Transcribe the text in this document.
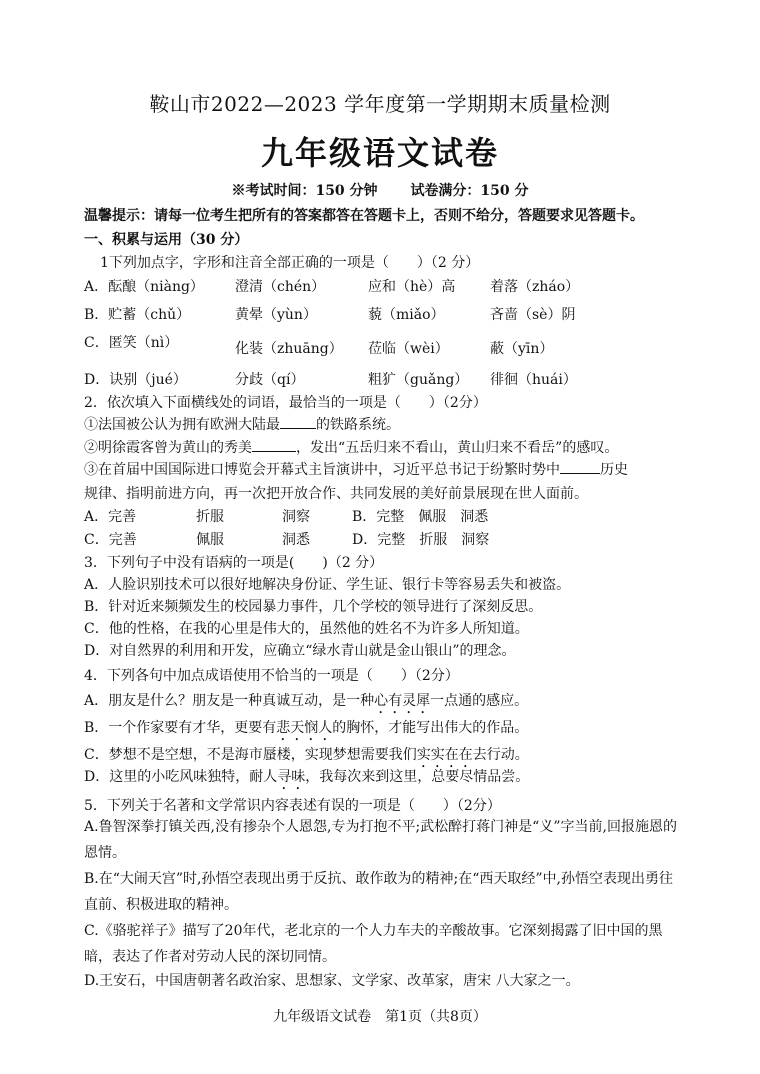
鞍山市2022—2023 学年度第一学期期末质量检测
九年级语文试卷
※考试时间：150 分钟 试卷满分：150 分
温馨提示：请每一位考生把所有的答案都答在答题卡上，否则不给分，答题要求见答题卡。
一、积累与运用（30 分）
1下列加点字，字形和注音全部正确的一项是（　　）（2 分）
A．酝酿（niàng） 澄清（chén）	应和（hè）高 着落（zháo）
B．贮蓄（chǔ）	黄晕（yùn）	藐（miǎo）	吝啬（sè）阴
C．匿笑（nì）	化装（zhuāng） 莅临（wèi）	蔽（yīn）
D．诀别（jué）	分歧（qí）	粗犷（guǎng） 徘徊（huái）
2．依次填入下面横线处的词语，最恰当的一项是（　　）（2分）
①法国被公认为拥有欧洲大陆最	的铁路系统。
②明徐霞客曾为黄山的秀美	，发出“五岳归来不看山，黄山归来不看岳”的感叹。
③在首届中国国际进口博览会开幕式主旨演讲中，习近平总书记于纷繁时势中	历史
规律、指明前进方向，再一次把开放合作、共同发展的美好前景展现在世人面前。
A．完善	折服	洞察	B．完整　佩服　洞悉
C．完善	佩服	洞悉	D．完整　折服　洞察
3．下列句子中没有语病的一项是(　　)（2 分）
A．人脸识别技术可以很好地解决身份证、学生证、银行卡等容易丢失和被盗。
B．针对近来频频发生的校园暴力事件，几个学校的领导进行了深刻反思。
C．他的性格，在我的心里是伟大的，虽然他的姓名不为许多人所知道。
D．对自然界的利用和开发，应确立“绿水青山就是金山银山”的理念。
4．下列各句中加点成语使用不恰当的一项是（　　）（2分）
A．朋友是什么？朋友是一种真诚互动，是一种心有灵犀一点通的感应。
B．一个作家要有才华，更要有悲天悯人的胸怀，才能写出伟大的作品。
C．梦想不是空想，不是海市蜃楼，实现梦想需要我们实实在在去行动。
D．这里的小吃风味独特，耐人寻味，我每次来到这里，总要尽情品尝。
5．下列关于名著和文学常识内容表述有误的一项是（　　）（2分）
A.鲁智深拳打镇关西,没有掺杂个人恩怨,专为打抱不平;武松醉打蒋门神是“义”字当前,回报施恩的恩情。
B.在“大闹天宫”时,孙悟空表现出勇于反抗、敢作敢为的精神;在“西天取经”中,孙悟空表现出勇往直前、积极进取的精神。
C.《骆驼祥子》描写了20年代，老北京的一个人力车夫的辛酸故事。它深刻揭露了旧中国的黑暗，表达了作者对劳动人民的深切同情。
D.王安石，中国唐朝著名政治家、思想家、文学家、改革家，唐宋 八大家之一。
九年级语文试卷　第1页（共8页）
